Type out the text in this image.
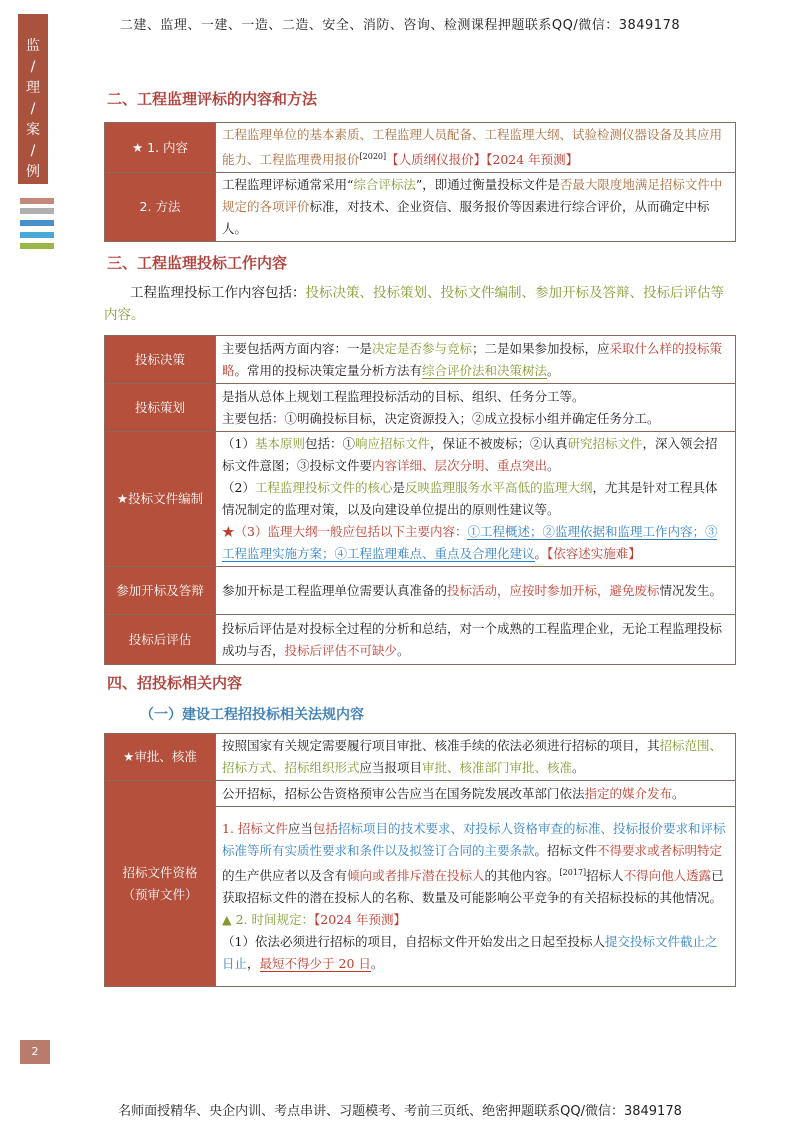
二建、监理、一建、一造、二造、安全、消防、咨询、检测课程押题联系QQ/微信：3849178
监
/
理
/
案
/
例
二、工程监理评标的内容和方法
★ 1. 内容	工程监理单位的基本素质、工程监理人员配备、工程监理大纲、试验检测仪器设备及其应用能力、工程监理费用报价[2020]【人质纲仪报价】【2024 年预测】
2. 方法	工程监理评标通常采用“综合评标法”，即通过衡量投标文件是否最大限度地满足招标文件中规定的各项评价标准，对技术、企业资信、服务报价等因素进行综合评价，从而确定中标人。
三、工程监理投标工作内容
工程监理投标工作内容包括：投标决策、投标策划、投标文件编制、参加开标及答辩、投标后评估等内容。
投标决策	主要包括两方面内容：一是决定是否参与竞标；二是如果参加投标，应采取什么样的投标策略。常用的投标决策定量分析方法有综合评价法和决策树法。
投标策划	是指从总体上规划工程监理投标活动的目标、组织、任务分工等。
主要包括：①明确投标目标，决定资源投入；②成立投标小组并确定任务分工。

★投标文件编制	（1）基本原则包括：①响应招标文件，保证不被废标；②认真研究招标文件，深入领会招标文件意图；③投标文件要内容详细、层次分明、重点突出。
（2）工程监理投标文件的核心是反映监理服务水平高低的监理大纲，尤其是针对工程具体情况制定的监理对策，以及向建设单位提出的原则性建议等。
★（3）监理大纲一般应包括以下主要内容：①工程概述；②监理依据和监理工作内容；③工程监理实施方案；④工程监理难点、重点及合理化建议。【依容述实施难】

参加开标及答辩	参加开标是工程监理单位需要认真准备的投标活动，应按时参加开标，避免废标情况发生。
投标后评估	投标后评估是对投标全过程的分析和总结，对一个成熟的工程监理企业，无论工程监理投标成功与否，投标后评估不可缺少。
四、招投标相关内容
（一）建设工程招投标相关法规内容
★审批、核准	按照国家有关规定需要履行项目审批、核准手续的依法必须进行招标的项目，其招标范围、招标方式、招标组织形式应当报项目审批、核准部门审批、核准。

招标文件资格
（预审文件）	公开招标，招标公告资格预审公告应当在国务院发展改革部门依法指定的媒介发布。

	1. 招标文件应当包括招标项目的技术要求、对投标人资格审查的标准、投标报价要求和评标标准等所有实质性要求和条件以及拟签订合同的主要条款。招标文件不得要求或者标明特定的生产供应者以及含有倾向或者排斥潜在投标人的其他内容。[2017]招标人不得向他人透露已获取招标文件的潜在投标人的名称、数量及可能影响公平竞争的有关招标投标的其他情况。
▲ 2. 时间规定：【2024 年预测】
（1）依法必须进行招标的项目，自招标文件开始发出之日起至投标人提交投标文件截止之日止，最短不得少于 20 日。
2
名师面授精华、央企内训、考点串讲、习题模考、考前三页纸、绝密押题联系QQ/微信：3849178
